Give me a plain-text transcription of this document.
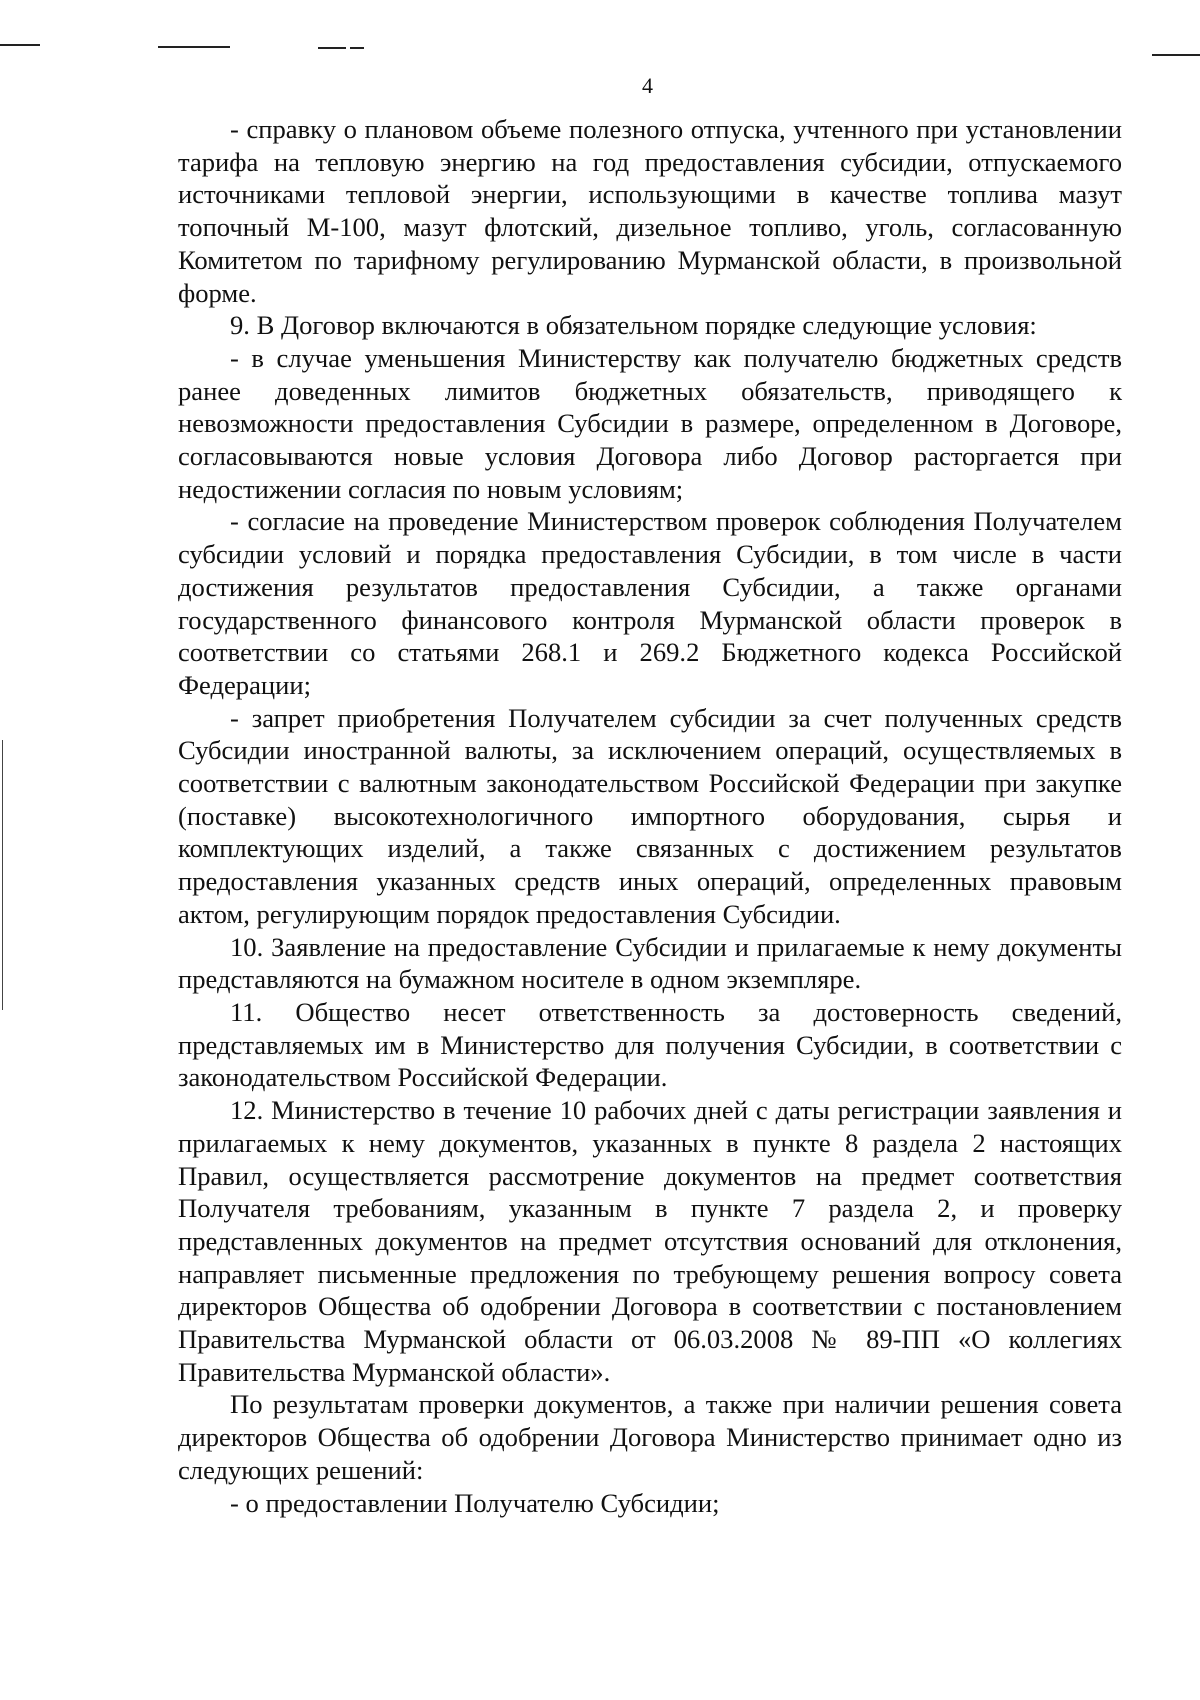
4

- справку о плановом объеме полезного отпуска, учтенного при установлении тарифа на тепловую энергию на год предоставления субсидии, отпускаемого источниками тепловой энергии, использующими в качестве топлива мазут топочный М-100, мазут флотский, дизельное топливо, уголь, согласованную Комитетом по тарифному регулированию Мурманской области, в произвольной форме.

9. В Договор включаются в обязательном порядке следующие условия:

- в случае уменьшения Министерству как получателю бюджетных средств ранее доведенных лимитов бюджетных обязательств, приводящего к невозможности предоставления Субсидии в размере, определенном в Договоре, согласовываются новые условия Договора либо Договор расторгается при недостижении согласия по новым условиям;

- согласие на проведение Министерством проверок соблюдения Получателем субсидии условий и порядка предоставления Субсидии, в том числе в части достижения результатов предоставления Субсидии, а также органами государственного финансового контроля Мурманской области проверок в соответствии со статьями 268.1 и 269.2 Бюджетного кодекса Российской Федерации;

- запрет приобретения Получателем субсидии за счет полученных средств Субсидии иностранной валюты, за исключением операций, осуществляемых в соответствии с валютным законодательством Российской Федерации при закупке (поставке) высокотехнологичного импортного оборудования, сырья и комплектующих изделий, а также связанных с достижением результатов предоставления указанных средств иных операций, определенных правовым актом, регулирующим порядок предоставления Субсидии.

10. Заявление на предоставление Субсидии и прилагаемые к нему документы представляются на бумажном носителе в одном экземпляре.

11. Общество несет ответственность за достоверность сведений, представляемых им в Министерство для получения Субсидии, в соответствии с законодательством Российской Федерации.

12. Министерство в течение 10 рабочих дней с даты регистрации заявления и прилагаемых к нему документов, указанных в пункте 8 раздела 2 настоящих Правил, осуществляется рассмотрение документов на предмет соответствия Получателя требованиям, указанным в пункте 7 раздела 2, и проверку представленных документов на предмет отсутствия оснований для отклонения, направляет письменные предложения по требующему решения вопросу совета директоров Общества об одобрении Договора в соответствии с постановлением Правительства Мурманской области от 06.03.2008 № 89-ПП «О коллегиях Правительства Мурманской области».

По результатам проверки документов, а также при наличии решения совета директоров Общества об одобрении Договора Министерство принимает одно из следующих решений:

- о предоставлении Получателю Субсидии;
